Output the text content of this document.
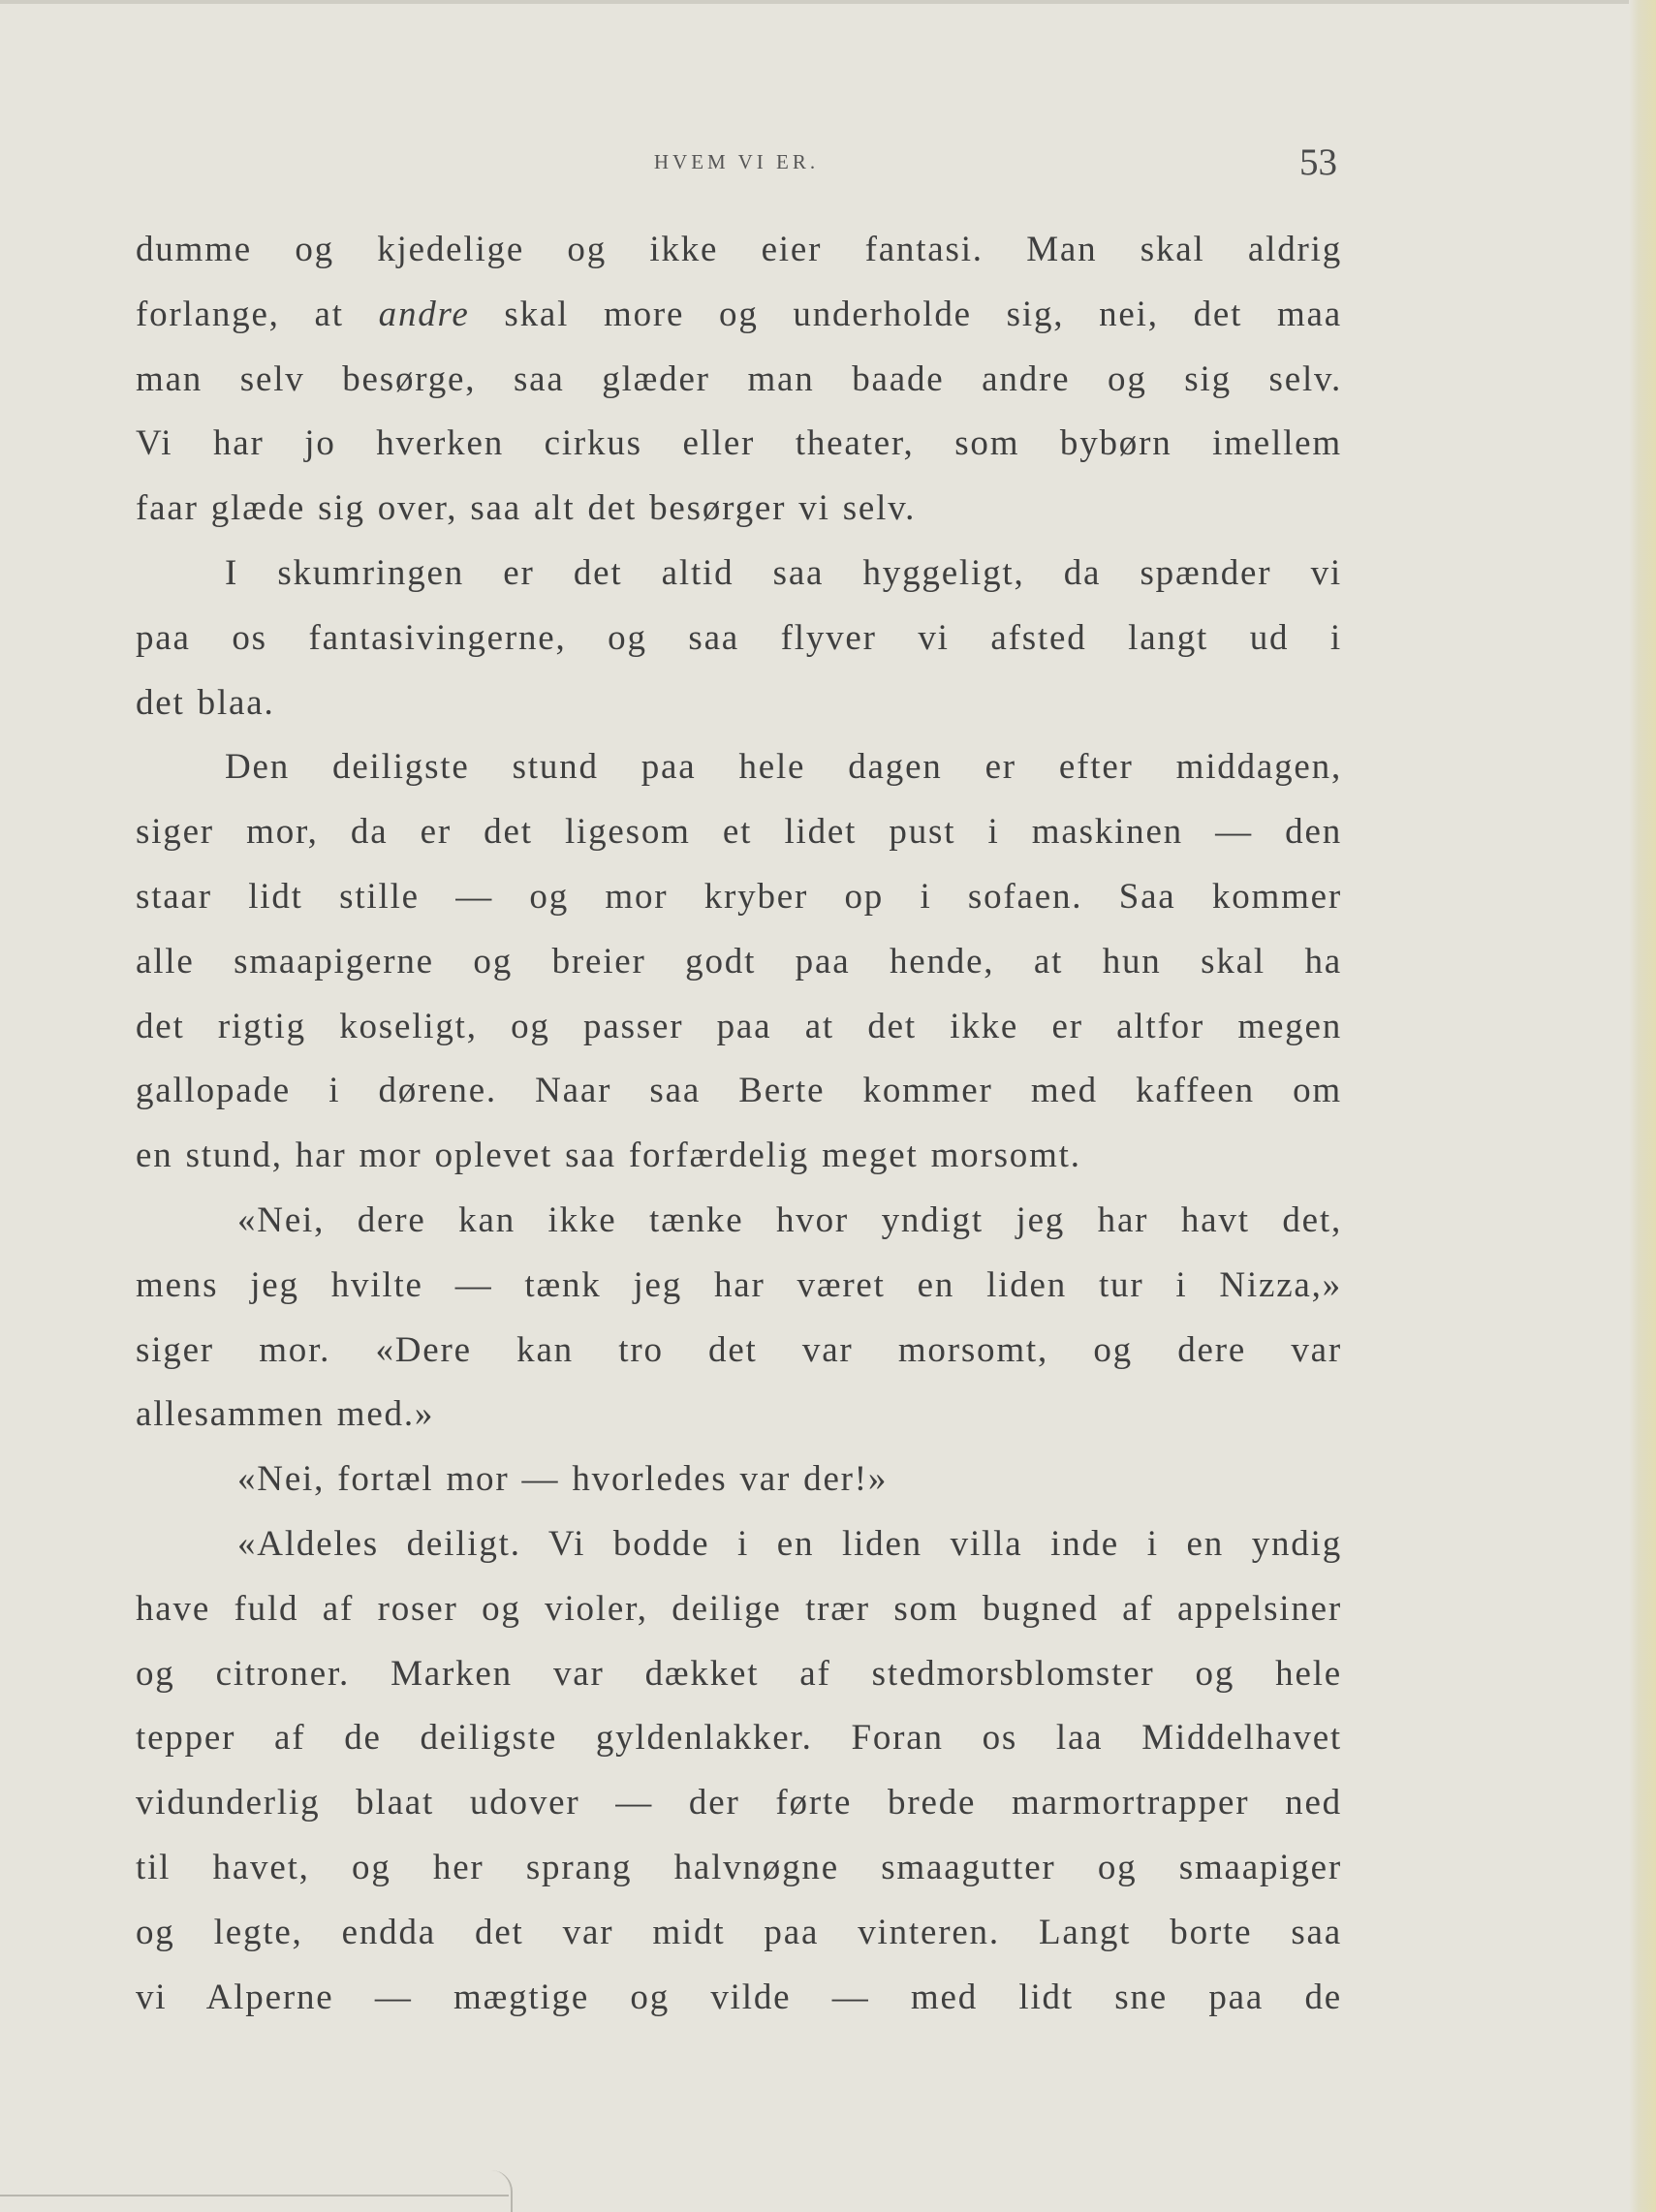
HVEM VI ER.	53
dumme og kjedelige og ikke eier fantasi. Man skal aldrig
forlange, at andre skal more og underholde sig, nei, det maa
man selv besørge, saa glæder man baade andre og sig selv.
Vi har jo hverken cirkus eller theater, som bybørn imellem
faar glæde sig over, saa alt det besørger vi selv.
I skumringen er det altid saa hyggeligt, da spænder vi
paa os fantasivingerne, og saa flyver vi afsted langt ud i
det blaa.
Den deiligste stund paa hele dagen er efter middagen,
siger mor, da er det ligesom et lidet pust i maskinen — den
staar lidt stille — og mor kryber op i sofaen. Saa kommer
alle smaapigerne og breier godt paa hende, at hun skal ha
det rigtig koseligt, og passer paa at det ikke er altfor megen
gallopade i dørene. Naar saa Berte kommer med kaffeen om
en stund, har mor oplevet saa forfærdelig meget morsomt.
«Nei, dere kan ikke tænke hvor yndigt jeg har havt det,
mens jeg hvilte — tænk jeg har været en liden tur i Nizza,»
siger mor. «Dere kan tro det var morsomt, og dere var
allesammen med.»
«Nei, fortæl mor — hvorledes var der!»
«Aldeles deiligt. Vi bodde i en liden villa inde i en yndig
have fuld af roser og violer, deilige trær som bugned af appelsiner
og citroner. Marken var dækket af stedmorsblomster og hele
tepper af de deiligste gyldenlakker. Foran os laa Middelhavet
vidunderlig blaat udover — der førte brede marmortrapper ned
til havet, og her sprang halvnøgne smaagutter og smaapiger
og legte, endda det var midt paa vinteren. Langt borte saa
vi Alperne — mægtige og vilde — med lidt sne paa de
